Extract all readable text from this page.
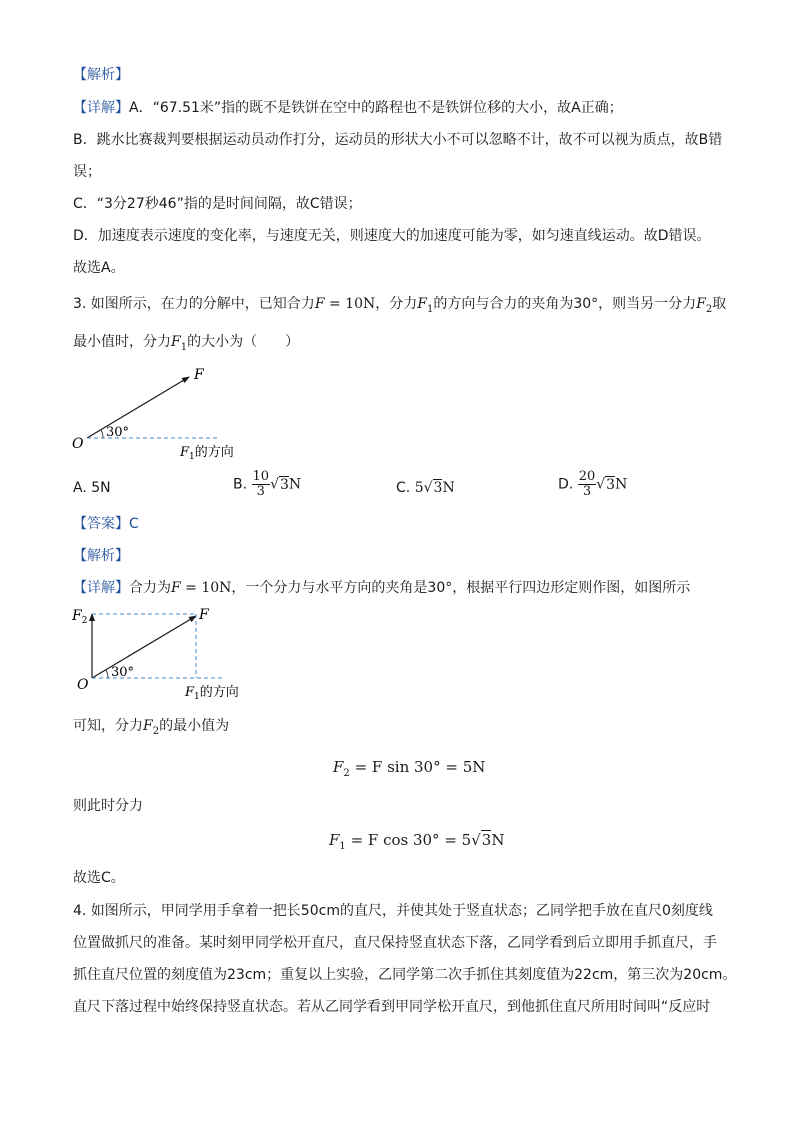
【解析】
【详解】A．“67.51米”指的既不是铁饼在空中的路程也不是铁饼位移的大小，故A正确；
B．跳水比赛裁判要根据运动员动作打分，运动员的形状大小不可以忽略不计，故不可以视为质点，故B错
误；
C．“3分27秒46”指的是时间间隔，故C错误；
D．加速度表示速度的变化率，与速度无关，则速度大的加速度可能为零，如匀速直线运动。故D错误。
故选A。
3. 如图所示，在力的分解中，已知合力F = 10N，分力$F_1$的方向与合力的夹角为30°，则当另一分力$F_2$取
最小值时，分力$F_1$的大小为（　　）
F
O
30°
$F_1$的方向
A. 5N	B. $\frac{10}{3} √3N$	C. 5√3N	D. $\frac{20}{3} √3N$
【答案】C
【解析】
【详解】合力为F = 10N，一个分力与水平方向的夹角是30°，根据平行四边形定则作图，如图所示
$F_2$	F
O
30°
$F_1$的方向
可知，分力$F_2$的最小值为
$F_2 = F$ sin 30° = 5N
则此时分力
$F_1 = F$ cos 30° = 5√3N
故选C。
4. 如图所示，甲同学用手拿着一把长50cm的直尺，并使其处于竖直状态；乙同学把手放在直尺0刻度线
位置做抓尺的准备。某时刻甲同学松开直尺，直尺保持竖直状态下落，乙同学看到后立即用手抓直尺，手
抓住直尺位置的刻度值为23cm；重复以上实验，乙同学第二次手抓住其刻度值为22cm，第三次为20cm。
直尺下落过程中始终保持竖直状态。若从乙同学看到甲同学松开直尺，到他抓住直尺所用时间叫“反应时
